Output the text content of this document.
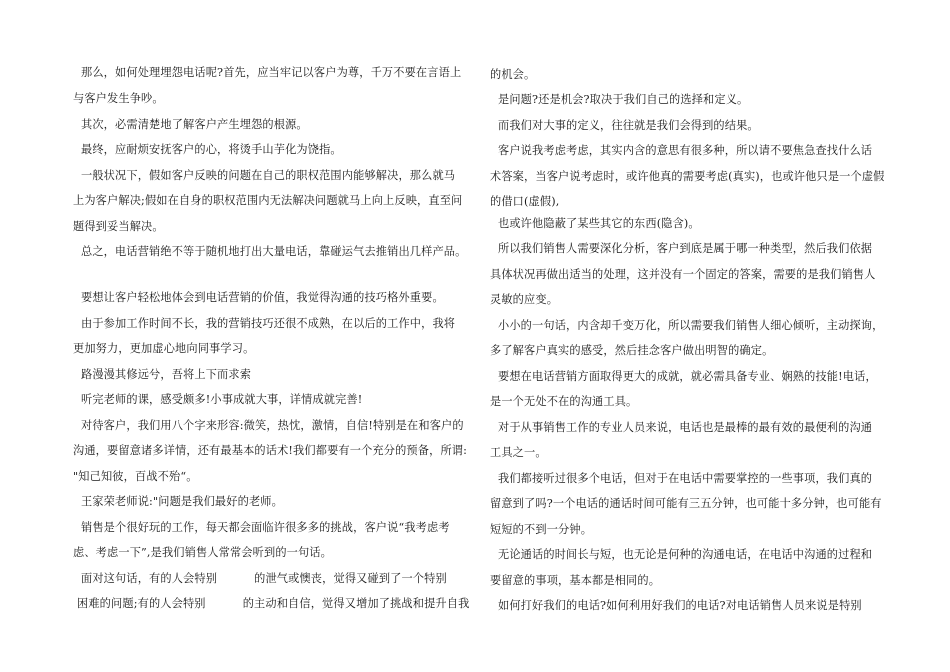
那么，如何处理埋怨电话呢?首先，应当牢记以客户为尊，千万不要在言语上
与客户发生争吵。
其次，必需清楚地了解客户产生埋怨的根源。
最终，应耐烦安抚客户的心，将烫手山芋化为饶指。
一般状况下，假如客户反映的问题在自己的职权范围内能够解决，那么就马
上为客户解决;假如在自身的职权范围内无法解决问题就马上向上反映，直至问
题得到妥当解决。
总之，电话营销绝不等于随机地打出大量电话，靠碰运气去推销出几样产品。
要想让客户轻松地体会到电话营销的价值，我觉得沟通的技巧格外重要。
由于参加工作时间不长，我的营销技巧还很不成熟，在以后的工作中，我将
更加努力，更加虚心地向同事学习。
路漫漫其修远兮，吾将上下而求索
听完老师的课，感受颇多!小事成就大事，详情成就完善!
对待客户，我们用八个字来形容:微笑，热忱，激情，自信!特别是在和客户的
沟通，要留意诸多详情，还有最基本的话术!我们都要有一个充分的预备，所谓:
"知己知彼，百战不殆“。
王家荣老师说:"问题是我们最好的老师。
销售是个很好玩的工作，每天都会面临许很多多的挑战，客户说“我考虑考
虑、考虑一下”,是我们销售人常常会听到的一句话。
面对这句话，有的人会特别          的泄气或懊丧，觉得又碰到了一个特别
困难的问题;有的人会特别          的主动和自信，觉得又增加了挑战和提升自我
的机会。
是问题?还是机会?取决于我们自己的选择和定义。
而我们对大事的定义，往往就是我们会得到的结果。
客户说我考虑考虑，其实内含的意思有很多种，所以请不要焦急查找什么话
术答案，当客户说考虑时，或许他真的需要考虑(真实)，也或许他只是一个虚假
的借口(虚假),
也或许他隐蔽了某些其它的东西(隐含)。
所以我们销售人需要深化分析，客户到底是属于哪一种类型，然后我们依据
具体状况再做出适当的处理，这并没有一个固定的答案，需要的是我们销售人
灵敏的应变。
小小的一句话，内含却千变万化，所以需要我们销售人细心倾听，主动探询，
多了解客户真实的感受，然后挂念客户做出明智的确定。
要想在电话营销方面取得更大的成就，就必需具备专业、娴熟的技能!电话，
是一个无处不在的沟通工具。
对于从事销售工作的专业人员来说，电话也是最棒的最有效的最便利的沟通
工具之一。
我们都接听过很多个电话，但对于在电话中需要掌控的一些事项，我们真的
留意到了吗?一个电话的通话时间可能有三五分钟，也可能十多分钟，也可能有
短短的不到一分钟。
无论通话的时间长与短，也无论是何种的沟通电话，在电话中沟通的过程和
要留意的事项，基本都是相同的。
如何打好我们的电话?如何利用好我们的电话?对电话销售人员来说是特别
